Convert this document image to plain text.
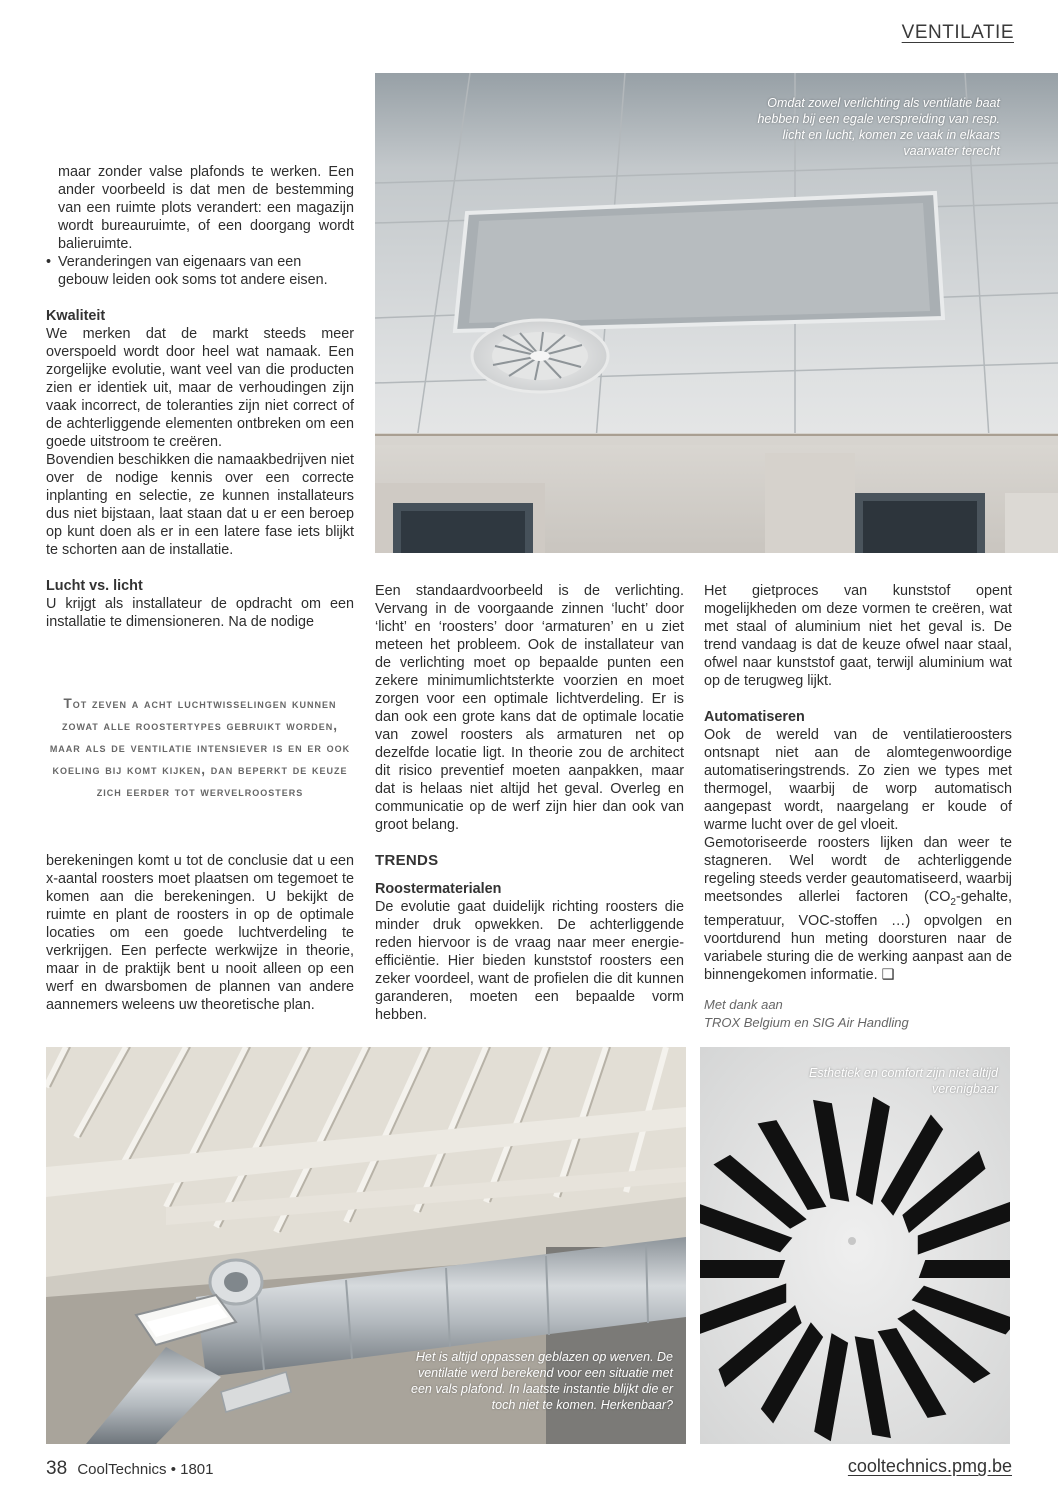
VENTILATIE
Omdat zowel verlichting als ventilatie baat hebben bij een egale verspreiding van resp. licht en lucht, komen ze vaak in elkaars vaarwater terecht

maar zonder valse plafonds te werken. Een ander voorbeeld is dat men de bestemming van een ruimte plots verandert: een magazijn wordt bureauruimte, of een doorgang wordt balieruimte.

• Veranderingen van eigenaars van een gebouw leiden ook soms tot andere eisen.
Kwaliteit

We merken dat de markt steeds meer overspoeld wordt door heel wat namaak. Een zorgelijke evolutie, want veel van die producten zien er identiek uit, maar de verhoudingen zijn vaak incorrect, de toleranties zijn niet correct of de achterliggende elementen ontbreken om een goede uitstroom te creëren.

Bovendien beschikken die namaakbedrijven niet over de nodige kennis over een correcte inplanting en selectie, ze kunnen installateurs dus niet bijstaan, laat staan dat u er een beroep op kunt doen als er in een latere fase iets blijkt te schorten aan de installatie.

Lucht vs. licht

U krijgt als installateur de opdracht om een installatie te dimensioneren. Na de nodige

Tot zeven a acht luchtwisselingen kunnen zowat alle roostertypes gebruikt worden, maar als de ventilatie intensiever is en er ook koeling bij komt kijken, dan beperkt de keuze zich eerder tot wervelroosters

berekeningen komt u tot de conclusie dat u een x-aantal roosters moet plaatsen om tegemoet te komen aan die berekeningen. U bekijkt de ruimte en plant de roosters in op de optimale locaties om een goede luchtverdeling te verkrijgen. Een perfecte werkwijze in theorie, maar in de praktijk bent u nooit alleen op een werf en dwarsbomen de plannen van andere aannemers weleens uw theoretische plan.

Een standaardvoorbeeld is de verlichting. Vervang in de voorgaande zinnen ‘lucht’ door ‘licht’ en ‘roosters’ door ‘armaturen’ en u ziet meteen het probleem. Ook de installateur van de verlichting moet op bepaalde punten een zekere minimumlichtsterkte voorzien en moet zorgen voor een optimale lichtverdeling. Er is dan ook een grote kans dat de optimale locatie van zowel roosters als armaturen net op dezelfde locatie ligt. In theorie zou de architect dit risico preventief moeten aanpakken, maar dat is helaas niet altijd het geval. Overleg en communicatie op de werf zijn hier dan ook van groot belang.

TRENDS
Roostermaterialen

De evolutie gaat duidelijk richting roosters die minder druk opwekken. De achterliggende reden hiervoor is de vraag naar meer energie-efficiëntie. Hier bieden kunststof roosters een zeker voordeel, want de profielen die dit kunnen garanderen, moeten een bepaalde vorm hebben.

Het gietproces van kunststof opent mogelijkheden om deze vormen te creëren, wat met staal of aluminium niet het geval is. De trend vandaag is dat de keuze ofwel naar staal, ofwel naar kunststof gaat, terwijl aluminium wat op de terugweg lijkt.

Automatiseren

Ook de wereld van de ventilatieroosters ontsnapt niet aan de alomtegenwoordige automatiseringstrends. Zo zien we types met thermogel, waarbij de worp automatisch aangepast wordt, naargelang er koude of warme lucht over de gel vloeit.

Gemotoriseerde roosters lijken dan weer te stagneren. Wel wordt de achterliggende regeling steeds verder geautomatiseerd, waarbij meetsondes allerlei factoren ($CO_2$-gehalte, temperatuur, VOC-stoffen …) opvolgen en voortdurend hun meting doorsturen naar de variabele sturing die de werking aanpast aan de binnengekomen informatie. ❑

Met dank aan
TROX Belgium en SIG Air Handling
Het is altijd oppassen geblazen op werven. De ventilatie werd berekend voor een situatie met een vals plafond. In laatste instantie blijkt die er toch niet te komen. Herkenbaar?
Esthetiek en comfort zijn niet altijd verenigbaar
38 CoolTechnics • 1801	cooltechnics.pmg.be
